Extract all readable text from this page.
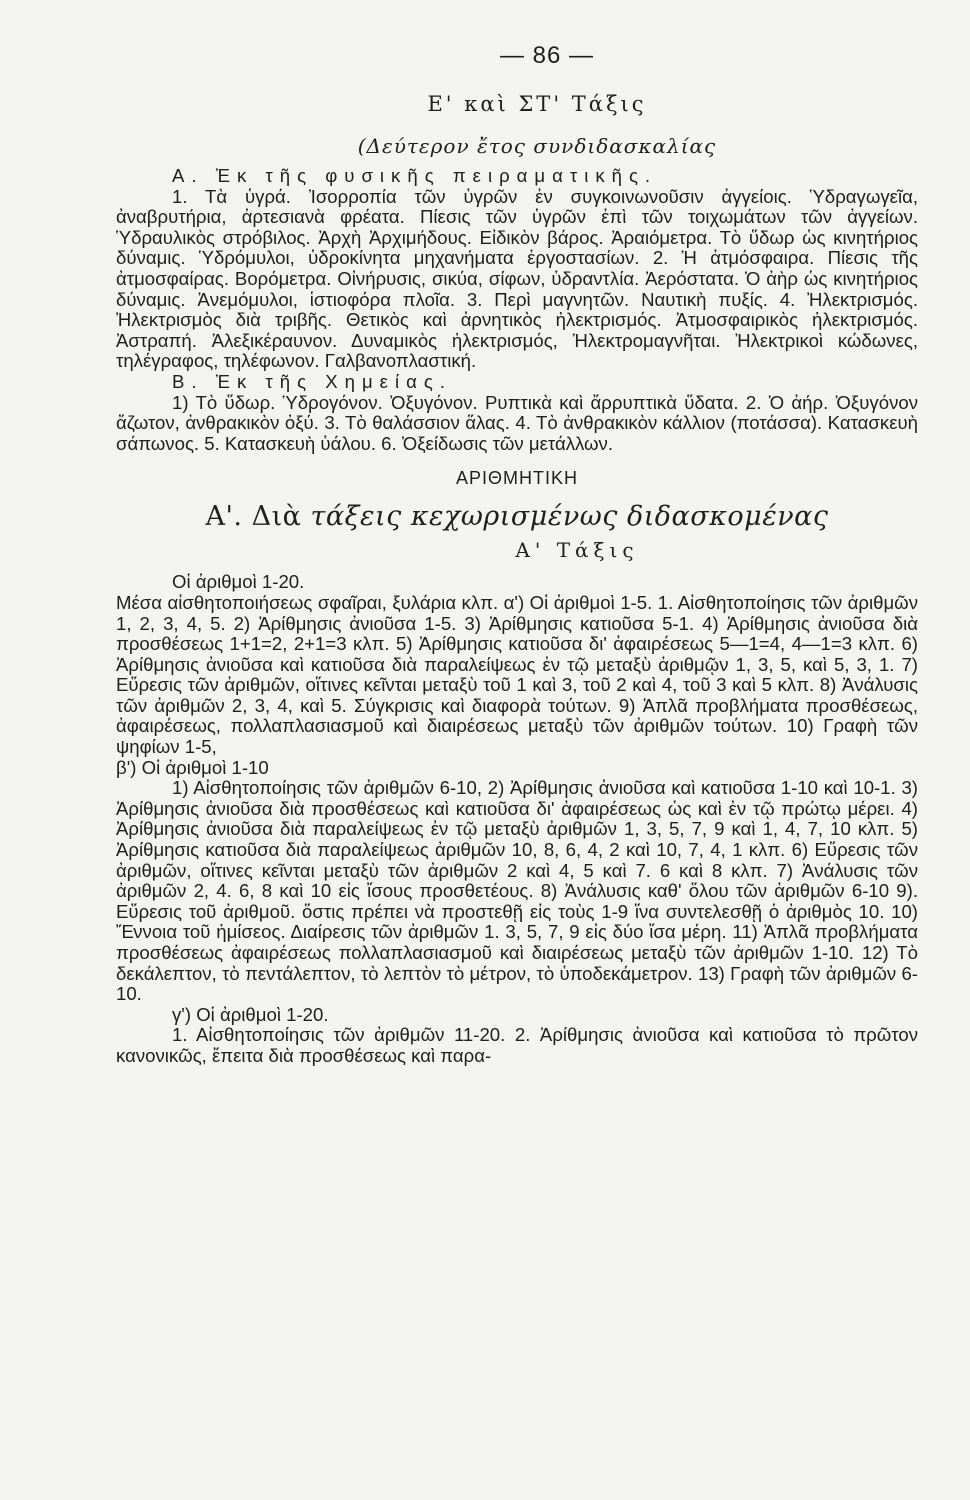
— 86 —
Ε' καὶ ΣΤ' Τάξις
(Δεύτερον ἔτος συνδιδασκαλίας

Α. Ἐκ τῆς φυσικῆς πειραματικῆς.

1. Τὰ ὑγρά. Ἰσορροπία τῶν ὑγρῶν ἐν συγκοινωνοῦσιν ἀγγείοις. Ὑδραγωγεῖα, ἀναβρυτήρια, ἀρτεσιανὰ φρέατα. Πίεσις τῶν ὑγρῶν ἐπὶ τῶν τοιχωμάτων τῶν ἀγγείων. Ὑδραυλικὸς στρόβιλος. Ἀρχὴ Ἀρχιμήδους. Εἰδικὸν βάρος. Ἀραιόμετρα. Τὸ ὕδωρ ὡς κινητήριος δύναμις. Ὑδρόμυλοι, ὑδροκίνητα μηχανήματα ἐργοστασίων. 2. Ἡ ἀτμόσφαιρα. Πίεσις τῆς ἀτμοσφαίρας. Βορόμετρα. Οἰνήρυσις, σικύα, σίφων, ὑδραντλία. Ἀερόστατα. Ὁ ἀὴρ ὡς κινητήριος δύναμις. Ἀνεμόμυλοι, ἱστιοφόρα πλοῖα. 3. Περὶ μαγνητῶν. Ναυτικὴ πυξίς. 4. Ἠλεκτρισμός. Ἠλεκτρισμὸς διὰ τριβῆς. Θετικὸς καὶ ἀρνητικὸς ἠλεκτρισμός. Ἀτμοσφαιρικὸς ἠλεκτρισμός. Ἀστραπή. Ἀλεξικέραυνον. Δυναμικὸς ἠλεκτρισμός, Ἠλεκτρομαγνῆται. Ἠλεκτρικοὶ κώδωνες, τηλέγραφος, τηλέφωνον. Γαλβανοπλαστική.

Β. Ἐκ τῆς Χημείας.

1) Τὸ ὕδωρ. Ὑδρογόνον. Ὀξυγόνον. Ρυπτικὰ καὶ ἄρρυπτικὰ ὕδατα. 2. Ὁ ἀήρ. Ὀξυγόνον ἄζωτον, ἀνθρακικὸν ὀξύ. 3. Τὸ θαλάσσιον ἅλας. 4. Τὸ ἀνθρακικὸν κάλλιον (ποτάσσα). Κατασκευὴ σάπωνος. 5. Κατασκευὴ ὑάλου. 6. Ὀξείδωσις τῶν μετάλλων.

ΑΡΙΘΜΗΤΙΚΗ
Α'. Διὰ τάξεις κεχωρισμένως διδασκομένας
Α' Τάξις

Οἱ ἀριθμοὶ 1-20.

Μέσα αἰσθητοποιήσεως σφαῖραι, ξυλάρια κλπ. α') Οἱ ἀριθμοὶ 1-5. 1. Αἰσθητοποίησις τῶν ἀριθμῶν 1, 2, 3, 4, 5. 2) Ἀρίθμησις ἀνιοῦσα 1-5. 3) Ἀρίθμησις κατιοῦσα 5-1. 4) Ἀρίθμησις ἀνιοῦσα διὰ προσθέσεως 1+1=2, 2+1=3 κλπ. 5) Ἀρίθμησις κατιοῦσα δι' ἀφαιρέσεως 5—1=4, 4—1=3 κλπ. 6) Ἀρίθμησις ἀνιοῦσα καὶ κατιοῦσα διὰ παραλείψεως ἐν τῷ μεταξὺ ἀριθμῷν 1, 3, 5, καὶ 5, 3, 1. 7) Εὕρεσις τῶν ἀριθμῶν, οἵτινες κεῖνται μεταξὺ τοῦ 1 καὶ 3, τοῦ 2 καὶ 4, τοῦ 3 καὶ 5 κλπ. 8) Ἀνάλυσις τῶν ἀριθμῶν 2, 3, 4, καὶ 5. Σύγκρισις καὶ διαφορὰ τούτων. 9) Ἁπλᾶ προβλήματα προσθέσεως, ἀφαιρέσεως, πολλαπλασιασμοῦ καὶ διαιρέσεως μεταξὺ τῶν ἀριθμῶν τούτων. 10) Γραφὴ τῶν ψηφίων 1-5,

β') Οἱ ἀριθμοὶ 1-10

1) Αἰσθητοποίησις τῶν ἀριθμῶν 6-10, 2) Ἀρίθμησις ἀνιοῦσα καὶ κατιοῦσα 1-10 καὶ 10-1. 3) Ἀρίθμησις ἀνιοῦσα διὰ προσθέσεως καὶ κατιοῦσα δι' ἀφαιρέσεως ὡς καὶ ἐν τῷ πρώτῳ μέρει. 4) Ἀρίθμησις ἀνιοῦσα διὰ παραλείψεως ἐν τῷ μεταξὺ ἀριθμῶν 1, 3, 5, 7, 9 καὶ 1, 4, 7, 10 κλπ. 5) Ἀρίθμησις κατιοῦσα διὰ παραλείψεως ἀριθμῶν 10, 8, 6, 4, 2 καὶ 10, 7, 4, 1 κλπ. 6) Εὕρεσις τῶν ἀριθμῶν, οἵτινες κεῖνται μεταξὺ τῶν ἀριθμῶν 2 καὶ 4, 5 καὶ 7. 6 καὶ 8 κλπ. 7) Ἀνάλυσις τῶν ἀριθμῶν 2, 4. 6, 8 καὶ 10 εἰς ἴσους προσθετέους. 8) Ἀνάλυσις καθ' ὅλου τῶν ἀριθμῶν 6-10 9). Εὕρεσις τοῦ ἀριθμοῦ. ὅστις πρέπει νὰ προστεθῇ εἰς τοὺς 1-9 ἵνα συντελεσθῇ ὁ ἀριθμὸς 10. 10) Ἔννοια τοῦ ἡμίσεος. Διαίρεσις τῶν ἀριθμῶν 1. 3, 5, 7, 9 εἰς δύο ἴσα μέρη. 11) Ἁπλᾶ προβλήματα προσθέσεως ἀφαιρέσεως πολλαπλασιασμοῦ καὶ διαιρέσεως μεταξὺ τῶν ἀριθμῶν 1-10. 12) Τὸ δεκάλεπτον, τὸ πεντάλεπτον, τὸ λεπτὸν τὸ μέτρον, τὸ ὑποδεκάμετρον. 13) Γραφὴ τῶν ἀριθμῶν 6-10.

γ') Οἱ ἀριθμοὶ 1-20.

1. Αἰσθητοποίησις τῶν ἀριθμῶν 11-20. 2. Ἀρίθμησις ἀνιοῦσα καὶ κατιοῦσα τὸ πρῶτον κανονικῶς, ἔπειτα διὰ προσθέσεως καὶ παρα-
